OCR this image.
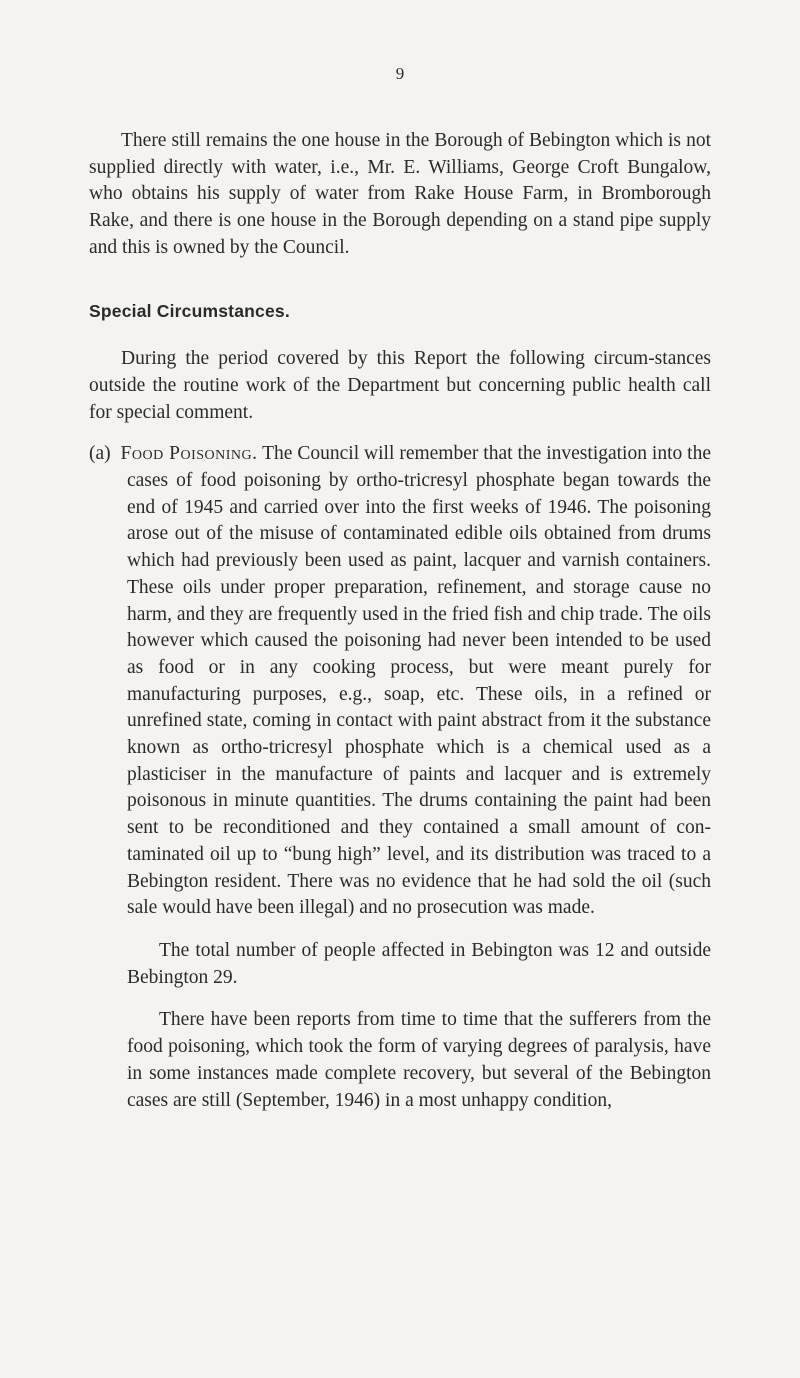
9

There still remains the one house in the Borough of Bebington which is not supplied directly with water, i.e., Mr. E. Williams, George Croft Bungalow, who obtains his supply of water from Rake House Farm, in Bromborough Rake, and there is one house in the Borough depending on a stand pipe supply and this is owned by the Council.

Special Circumstances.

During the period covered by this Report the following circum-stances outside the routine work of the Department but concerning public health call for special comment.

(a) Food Poisoning. The Council will remember that the investigation into the cases of food poisoning by ortho-tricresyl phosphate began towards the end of 1945 and carried over into the first weeks of 1946. The poisoning arose out of the misuse of contaminated edible oils obtained from drums which had previously been used as paint, lacquer and varnish containers. These oils under proper preparation, refinement, and storage cause no harm, and they are frequently used in the fried fish and chip trade. The oils however which caused the poisoning had never been intended to be used as food or in any cooking process, but were meant purely for manufacturing purposes, e.g., soap, etc. These oils, in a refined or unrefined state, coming in contact with paint abstract from it the substance known as ortho-tricresyl phosphate which is a chemical used as a plasticiser in the manufacture of paints and lacquer and is extremely poisonous in minute quantities. The drums containing the paint had been sent to be reconditioned and they contained a small amount of con-taminated oil up to “bung high” level, and its distribution was traced to a Bebington resident. There was no evidence that he had sold the oil (such sale would have been illegal) and no prosecution was made.

The total number of people affected in Bebington was 12 and outside Bebington 29.

There have been reports from time to time that the sufferers from the food poisoning, which took the form of varying degrees of paralysis, have in some instances made complete recovery, but several of the Bebington cases are still (September, 1946) in a most unhappy condition,
